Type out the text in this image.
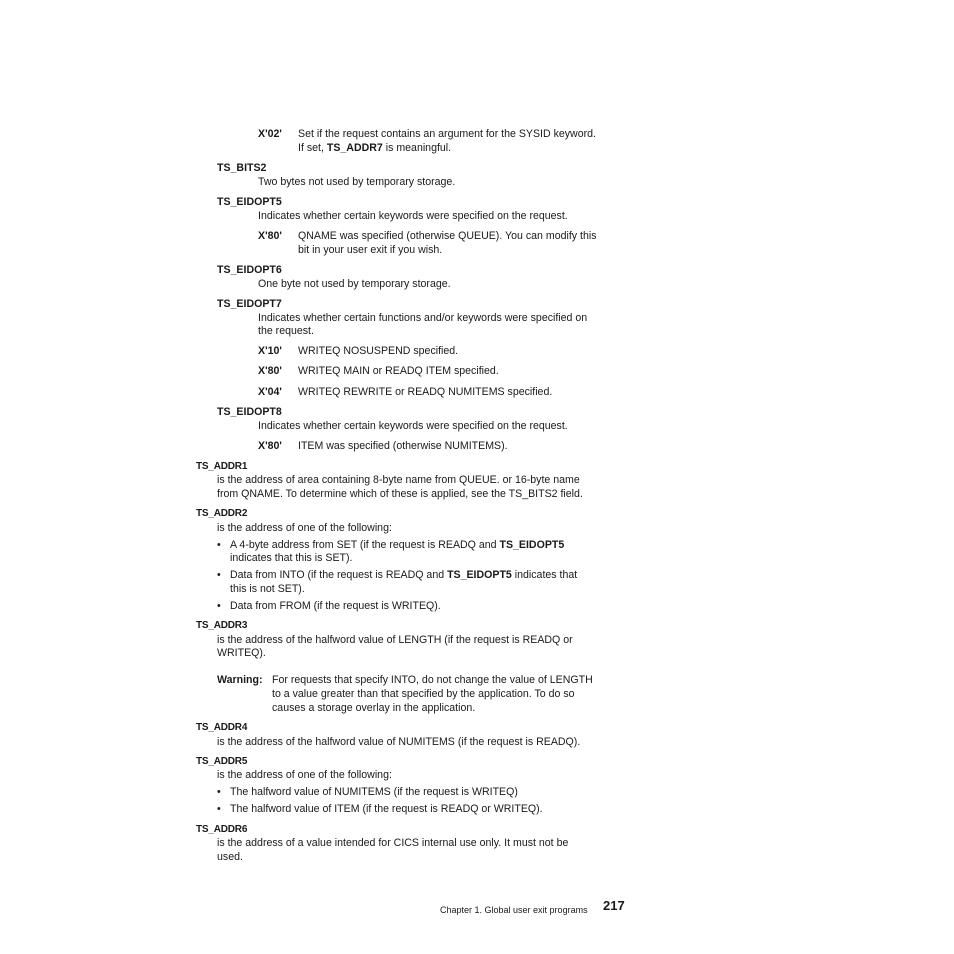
X'02' Set if the request contains an argument for the SYSID keyword.
If set, TS_ADDR7 is meaningful.
TS_BITS2
Two bytes not used by temporary storage.
TS_EIDOPT5
Indicates whether certain keywords were specified on the request.
X'80' QNAME was specified (otherwise QUEUE). You can modify this
bit in your user exit if you wish.
TS_EIDOPT6
One byte not used by temporary storage.
TS_EIDOPT7
Indicates whether certain functions and/or keywords were specified on
the request.
X'10' WRITEQ NOSUSPEND specified.
X'80' WRITEQ MAIN or READQ ITEM specified.
X'04' WRITEQ REWRITE or READQ NUMITEMS specified.
TS_EIDOPT8
Indicates whether certain keywords were specified on the request.
X'80' ITEM was specified (otherwise NUMITEMS).
TS_ADDR1
is the address of area containing 8-byte name from QUEUE. or 16-byte name
from QNAME. To determine which of these is applied, see the TS_BITS2 field.
TS_ADDR2
is the address of one of the following:
• A 4-byte address from SET (if the request is READQ and TS_EIDOPT5
indicates that this is SET).
• Data from INTO (if the request is READQ and TS_EIDOPT5 indicates that
this is not SET).
• Data from FROM (if the request is WRITEQ).
TS_ADDR3
is the address of the halfword value of LENGTH (if the request is READQ or
WRITEQ).
Warning: For requests that specify INTO, do not change the value of LENGTH
to a value greater than that specified by the application. To do so
causes a storage overlay in the application.
TS_ADDR4
is the address of the halfword value of NUMITEMS (if the request is READQ).
TS_ADDR5
is the address of one of the following:
• The halfword value of NUMITEMS (if the request is WRITEQ)
• The halfword value of ITEM (if the request is READQ or WRITEQ).
TS_ADDR6
is the address of a value intended for CICS internal use only. It must not be
used.
Chapter 1. Global user exit programs 217
